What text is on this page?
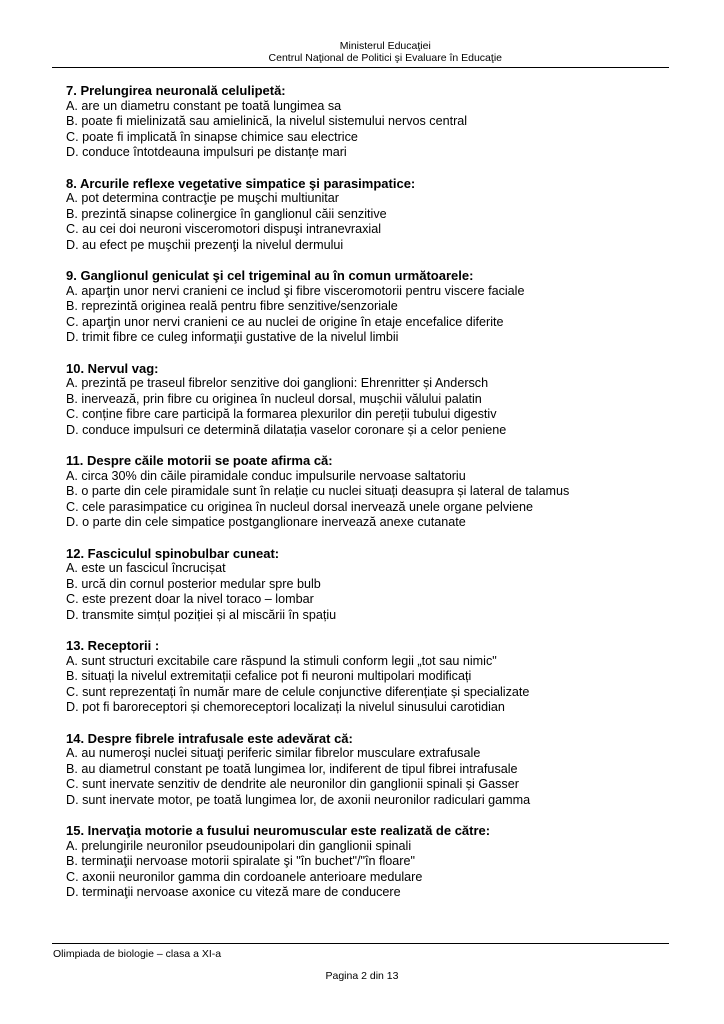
Ministerul Educaţiei
Centrul Naţional de Politici şi Evaluare în Educaţie
7. Prelungirea neuronală celulipetă:
A. are un diametru constant pe toată lungimea sa
B. poate fi mielinizată sau amielinică, la nivelul sistemului nervos central
C. poate fi implicată în sinapse chimice sau electrice
D. conduce întotdeauna impulsuri pe distanțe mari
8. Arcurile reflexe vegetative simpatice şi parasimpatice:
A. pot determina contracţie pe muşchi multiunitar
B. prezintă sinapse colinergice în ganglionul căii senzitive
C. au cei doi neuroni visceromotori dispuşi intranevraxial
D. au efect pe muşchii prezenţi la nivelul dermului
9. Ganglionul geniculat şi cel trigeminal au în comun următoarele:
A. aparţin unor nervi cranieni ce includ şi fibre visceromotorii pentru viscere faciale
B. reprezintă originea reală pentru fibre senzitive/senzoriale
C. aparţin unor nervi cranieni ce au nuclei de origine în etaje encefalice diferite
D. trimit fibre ce culeg informaţii gustative de la nivelul limbii
10. Nervul vag:
A. prezintă pe traseul fibrelor senzitive doi ganglioni: Ehrenritter și Andersch
B. inervează, prin fibre cu originea în nucleul dorsal, mușchii vălului palatin
C. conține fibre care participă la formarea plexurilor din pereții tubului digestiv
D. conduce impulsuri ce determină dilatația vaselor coronare și a celor peniene
11. Despre căile motorii se poate afirma că:
A. circa 30% din căile piramidale conduc impulsurile nervoase saltatoriu
B. o parte din cele piramidale sunt în relație cu nuclei situați deasupra și lateral de talamus
C. cele parasimpatice cu originea în nucleul dorsal inervează unele organe pelviene
D. o parte din cele simpatice postganglionare inervează anexe cutanate
12. Fasciculul spinobulbar cuneat:
A. este un fascicul încrucișat
B. urcă din cornul posterior medular spre bulb
C. este prezent doar la nivel toraco – lombar
D. transmite simțul poziției și al miscării în spațiu
13. Receptorii :
A. sunt structuri excitabile care răspund la stimuli conform legii „tot sau nimic"
B. situați la nivelul extremitații cefalice pot fi neuroni multipolari modificați
C. sunt reprezentați în număr mare de celule conjunctive diferențiate și specializate
D. pot fi baroreceptori și chemoreceptori localizați la nivelul sinusului carotidian
14. Despre fibrele intrafusale este adevărat că:
A. au numeroşi nuclei situaţi periferic similar fibrelor musculare extrafusale
B. au diametrul constant pe toată lungimea lor, indiferent de tipul fibrei intrafusale
C. sunt inervate senzitiv de dendrite ale neuronilor din ganglionii spinali și Gasser
D. sunt inervate motor, pe toată lungimea lor, de axonii neuronilor radiculari gamma
15. Inervaţia motorie a fusului neuromuscular este realizată de către:
A. prelungirile neuronilor pseudounipolari din ganglionii spinali
B. terminaţii nervoase motorii spiralate şi "în buchet"/"în floare"
C. axonii neuronilor gamma din cordoanele anterioare medulare
D. terminaţii nervoase axonice cu viteză mare de conducere
Olimpiada de biologie – clasa a XI-a
Pagina 2 din 13
